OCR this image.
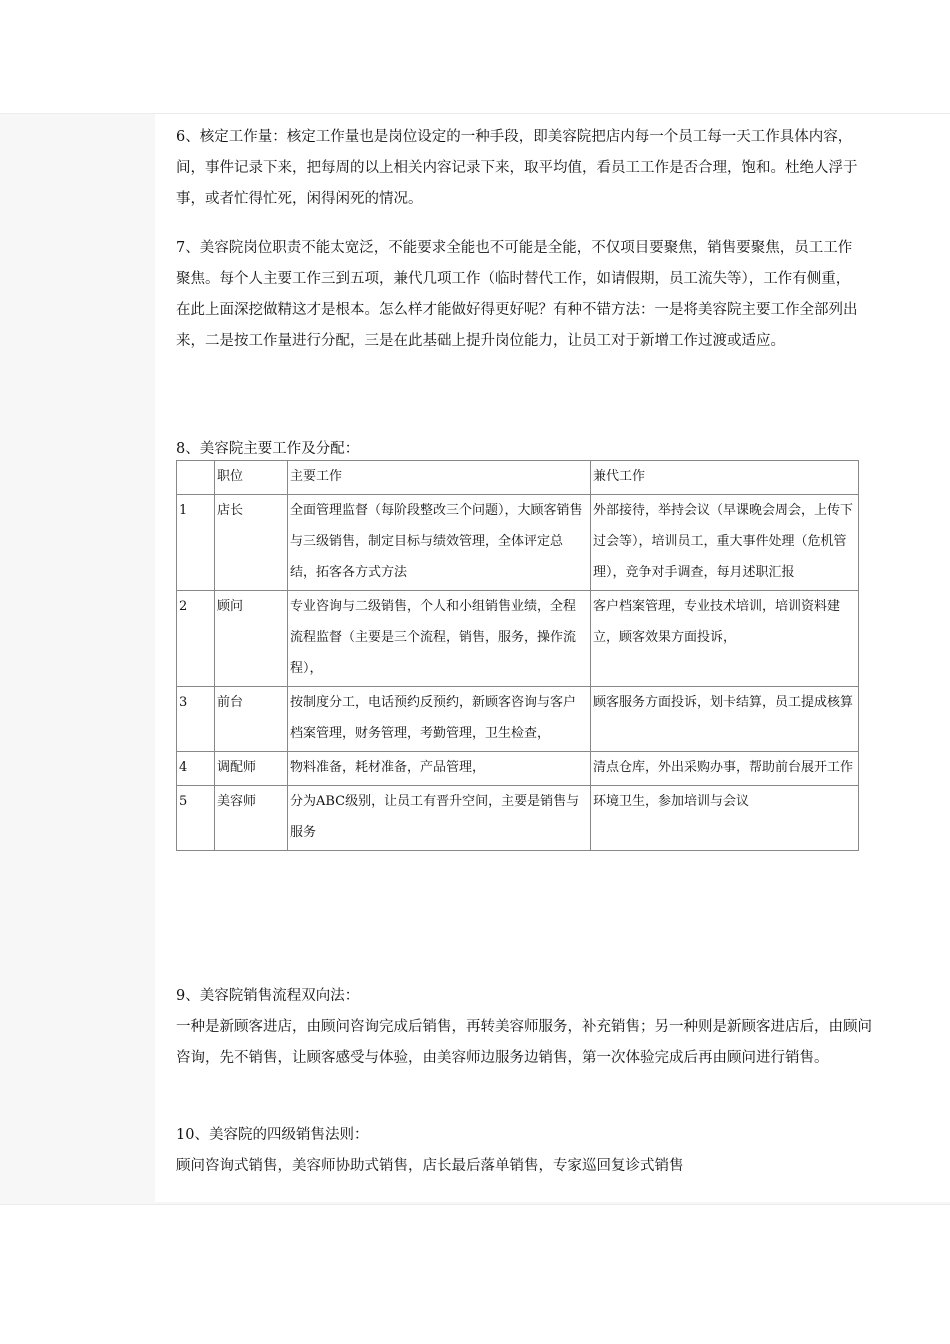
6、核定工作量：核定工作量也是岗位设定的一种手段，即美容院把店内每一个员工每一天工作具体内容，
间，事件记录下来，把每周的以上相关内容记录下来，取平均值，看员工工作是否合理，饱和。杜绝人浮于
事，或者忙得忙死，闲得闲死的情况。

7、美容院岗位职责不能太宽泛，不能要求全能也不可能是全能，不仅项目要聚焦，销售要聚焦，员工工作
聚焦。每个人主要工作三到五项，兼代几项工作（临时替代工作，如请假期，员工流失等），工作有侧重，
在此上面深挖做精这才是根本。怎么样才能做好得更好呢？有种不错方法：一是将美容院主要工作全部列出
来，二是按工作量进行分配，三是在此基础上提升岗位能力，让员工对于新增工作过渡或适应。

8、美容院主要工作及分配：
	职位	主要工作	兼代工作
1	店长	全面管理监督（每阶段整改三个问题），大顾客销售与三级销售，制定目标与绩效管理，全体评定总结，拓客各方式方法	外部接待，举持会议（早课晚会周会，上传下过会等），培训员工，重大事件处理（危机管理），竞争对手调查，每月述职汇报
2	顾问	专业咨询与二级销售，个人和小组销售业绩，全程流程监督（主要是三个流程，销售，服务，操作流程），	客户档案管理，专业技术培训，培训资料建立，顾客效果方面投诉，
3	前台	按制度分工，电话预约反预约，新顾客咨询与客户档案管理，财务管理，考勤管理，卫生检查，	顾客服务方面投诉，划卡结算，员工提成核算
4	调配师	物料准备，耗材准备，产品管理，	清点仓库，外出采购办事，帮助前台展开工作
5	美容师	分为ABC级别，让员工有晋升空间，主要是销售与服务	环境卫生，参加培训与会议

9、美容院销售流程双向法：
一种是新顾客进店，由顾问咨询完成后销售，再转美容师服务，补充销售；另一种则是新顾客进店后，由顾问
咨询，先不销售，让顾客感受与体验，由美容师边服务边销售，第一次体验完成后再由顾问进行销售。

10、美容院的四级销售法则：
顾问咨询式销售，美容师协助式销售，店长最后落单销售，专家巡回复诊式销售
